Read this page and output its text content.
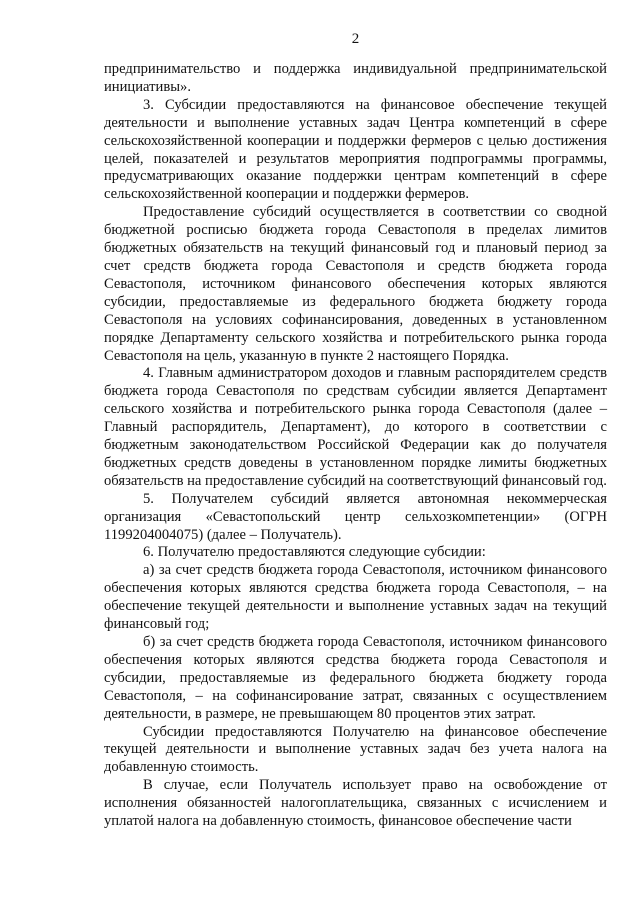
2

предпринимательство и поддержка индивидуальной предпринимательской инициативы».

3. Субсидии предоставляются на финансовое обеспечение текущей деятельности и выполнение уставных задач Центра компетенций в сфере сельскохозяйственной кооперации и поддержки фермеров с целью достижения целей, показателей и результатов мероприятия подпрограммы программы, предусматривающих оказание поддержки центрам компетенций в сфере сельскохозяйственной кооперации и поддержки фермеров.

Предоставление субсидий осуществляется в соответствии со сводной бюджетной росписью бюджета города Севастополя в пределах лимитов бюджетных обязательств на текущий финансовый год и плановый период за счет средств бюджета города Севастополя и средств бюджета города Севастополя, источником финансового обеспечения которых являются субсидии, предоставляемые из федерального бюджета бюджету города Севастополя на условиях софинансирования, доведенных в установленном порядке Департаменту сельского хозяйства и потребительского рынка города Севастополя на цель, указанную в пункте 2 настоящего Порядка.

4. Главным администратором доходов и главным распорядителем средств бюджета города Севастополя по средствам субсидии является Департамент сельского хозяйства и потребительского рынка города Севастополя (далее –Главный распорядитель, Департамент), до которого в соответствии с бюджетным законодательством Российской Федерации как до получателя бюджетных средств доведены в установленном порядке лимиты бюджетных обязательств на предоставление субсидий на соответствующий финансовый год.

5. Получателем субсидий является автономная некоммерческая организация «Севастопольский центр сельхозкомпетенции» (ОГРН 1199204004075) (далее – Получатель).

6. Получателю предоставляются следующие субсидии:

а) за счет средств бюджета города Севастополя, источником финансового обеспечения которых являются средства бюджета города Севастополя, – на обеспечение текущей деятельности и выполнение уставных задач на текущий финансовый год;

б) за счет средств бюджета города Севастополя, источником финансового обеспечения которых являются средства бюджета города Севастополя и субсидии, предоставляемые из федерального бюджета бюджету города Севастополя, – на софинансирование затрат, связанных с осуществлением деятельности, в размере, не превышающем 80 процентов этих затрат.

Субсидии предоставляются Получателю на финансовое обеспечение текущей деятельности и выполнение уставных задач без учета налога на добавленную стоимость.

В случае, если Получатель использует право на освобождение от исполнения обязанностей налогоплательщика, связанных с исчислением и уплатой налога на добавленную стоимость, финансовое обеспечение части
